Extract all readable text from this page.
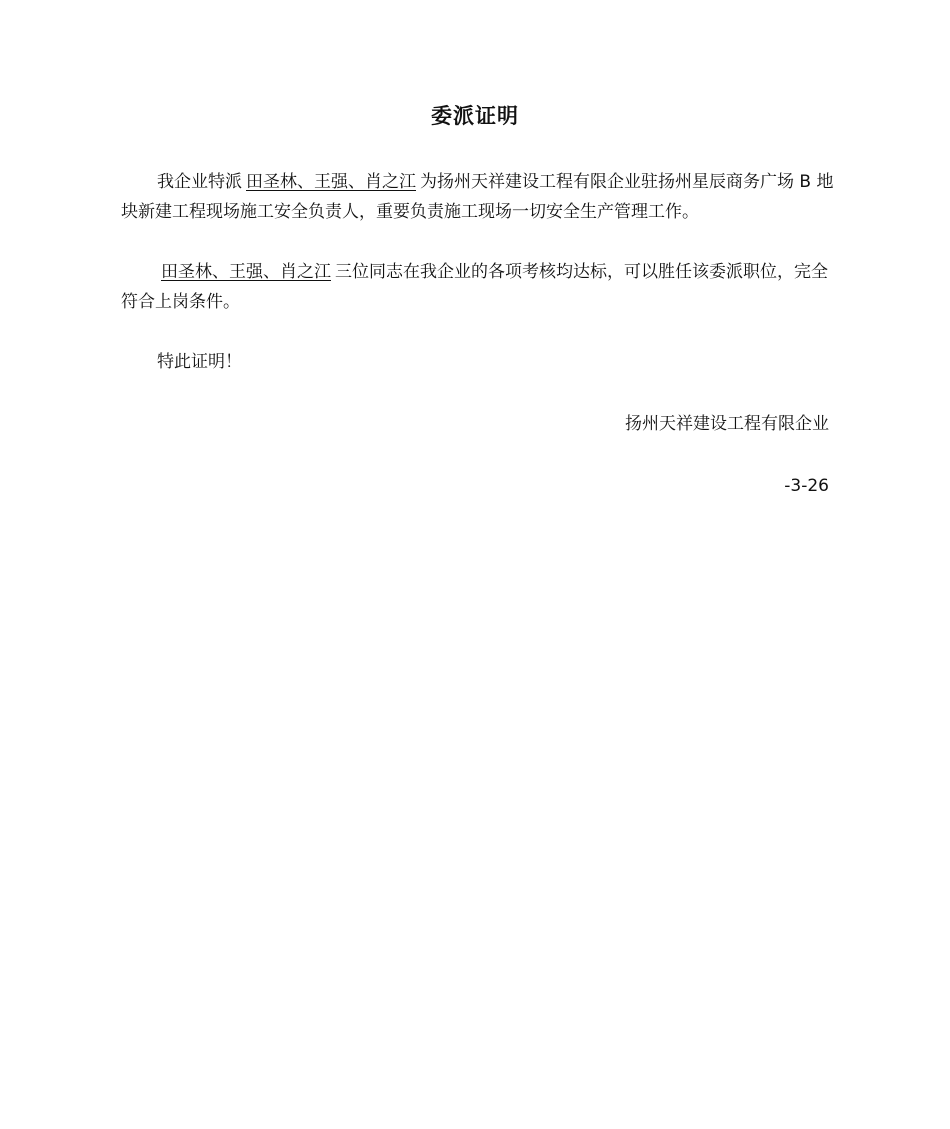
委派证明

我企业特派 田圣林、王强、肖之江 为扬州天祥建设工程有限企业驻扬州星辰商务广场 B 地块新建工程现场施工安全负责人，重要负责施工现场一切安全生产管理工作。

田圣林、王强、肖之江 三位同志在我企业的各项考核均达标，可以胜任该委派职位，完全符合上岗条件。

特此证明！

扬州天祥建设工程有限企业
-3-26
